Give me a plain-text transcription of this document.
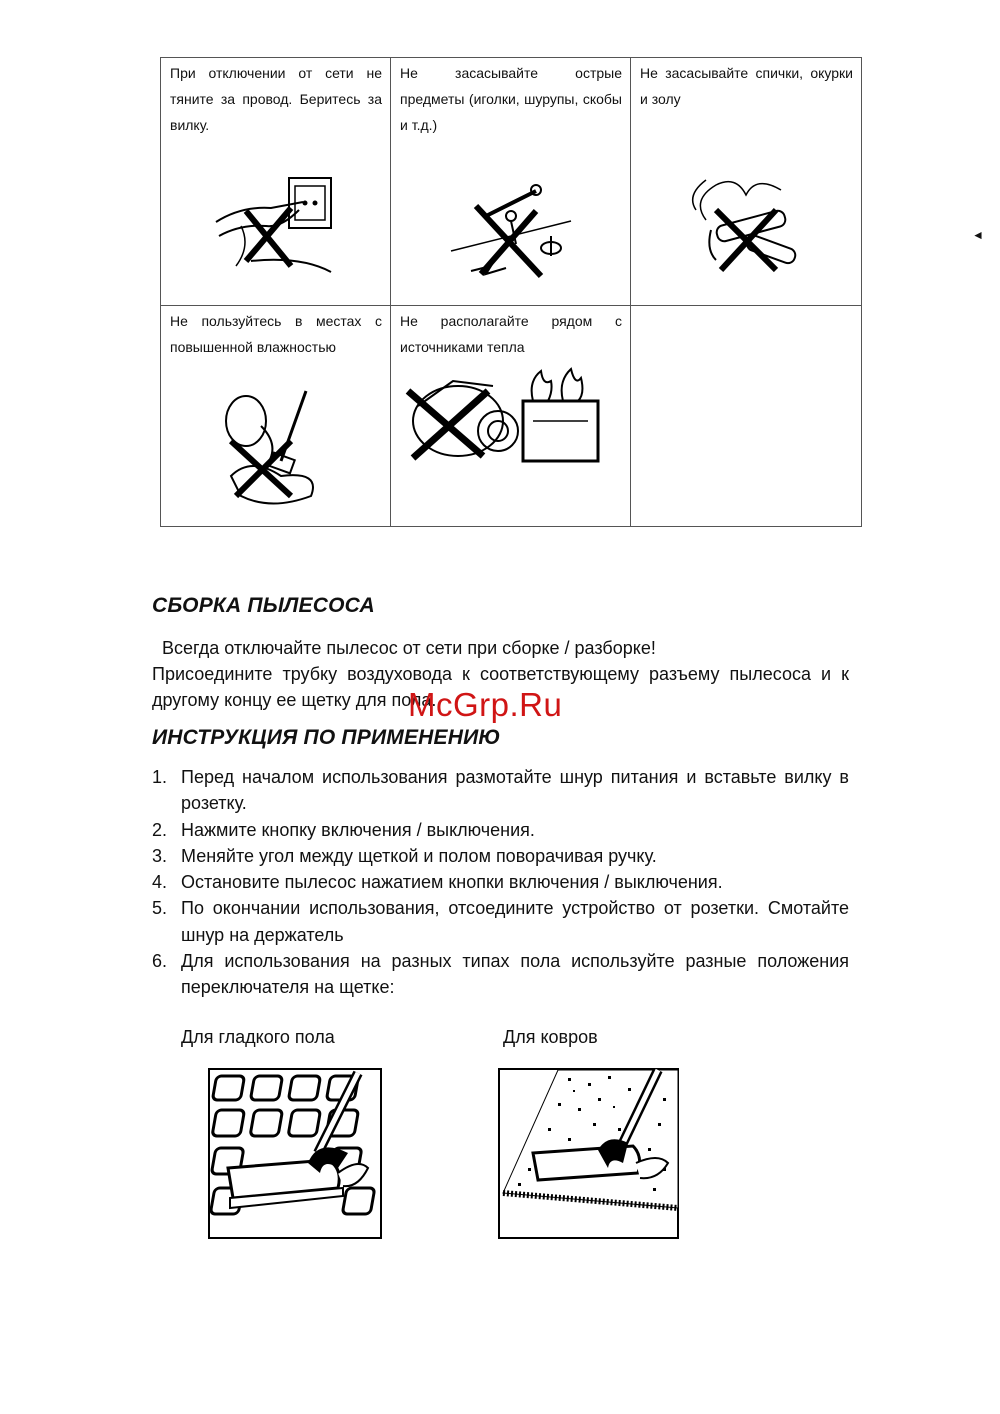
При отключении от сети не тяните за провод. Беритесь за вилку.	Не засасывайте острые предметы (иголки, шурупы, скобы и т.д.)	Не засасывайте спички, окурки и золу

Не пользуйтесь в местах с повышенной влажностью	Не располагайте рядом с источниками тепла	

◄
СБОРКА ПЫЛЕСОСА

Всегда отключайте пылесос от сети при сборке / разборке!

Присоедините трубку воздуховода к соответствующему разъему пылесоса и к другому концу ее щетку для пола.

McGrp.Ru
ИНСТРУКЦИЯ ПО ПРИМЕНЕНИЮ
1. Перед началом использования размотайте шнур питания и вставьте вилку в розетку.
2. Нажмите кнопку включения / выключения.
3. Меняйте угол между щеткой и полом поворачивая ручку.
4. Остановите пылесос нажатием кнопки включения / выключения.
5. По окончании использования, отсоедините устройство от розетки. Смотайте шнур на держатель
6. Для использования на разных типах пола используйте разные положения переключателя на щетке:
Для гладкого пола	Для ковров
